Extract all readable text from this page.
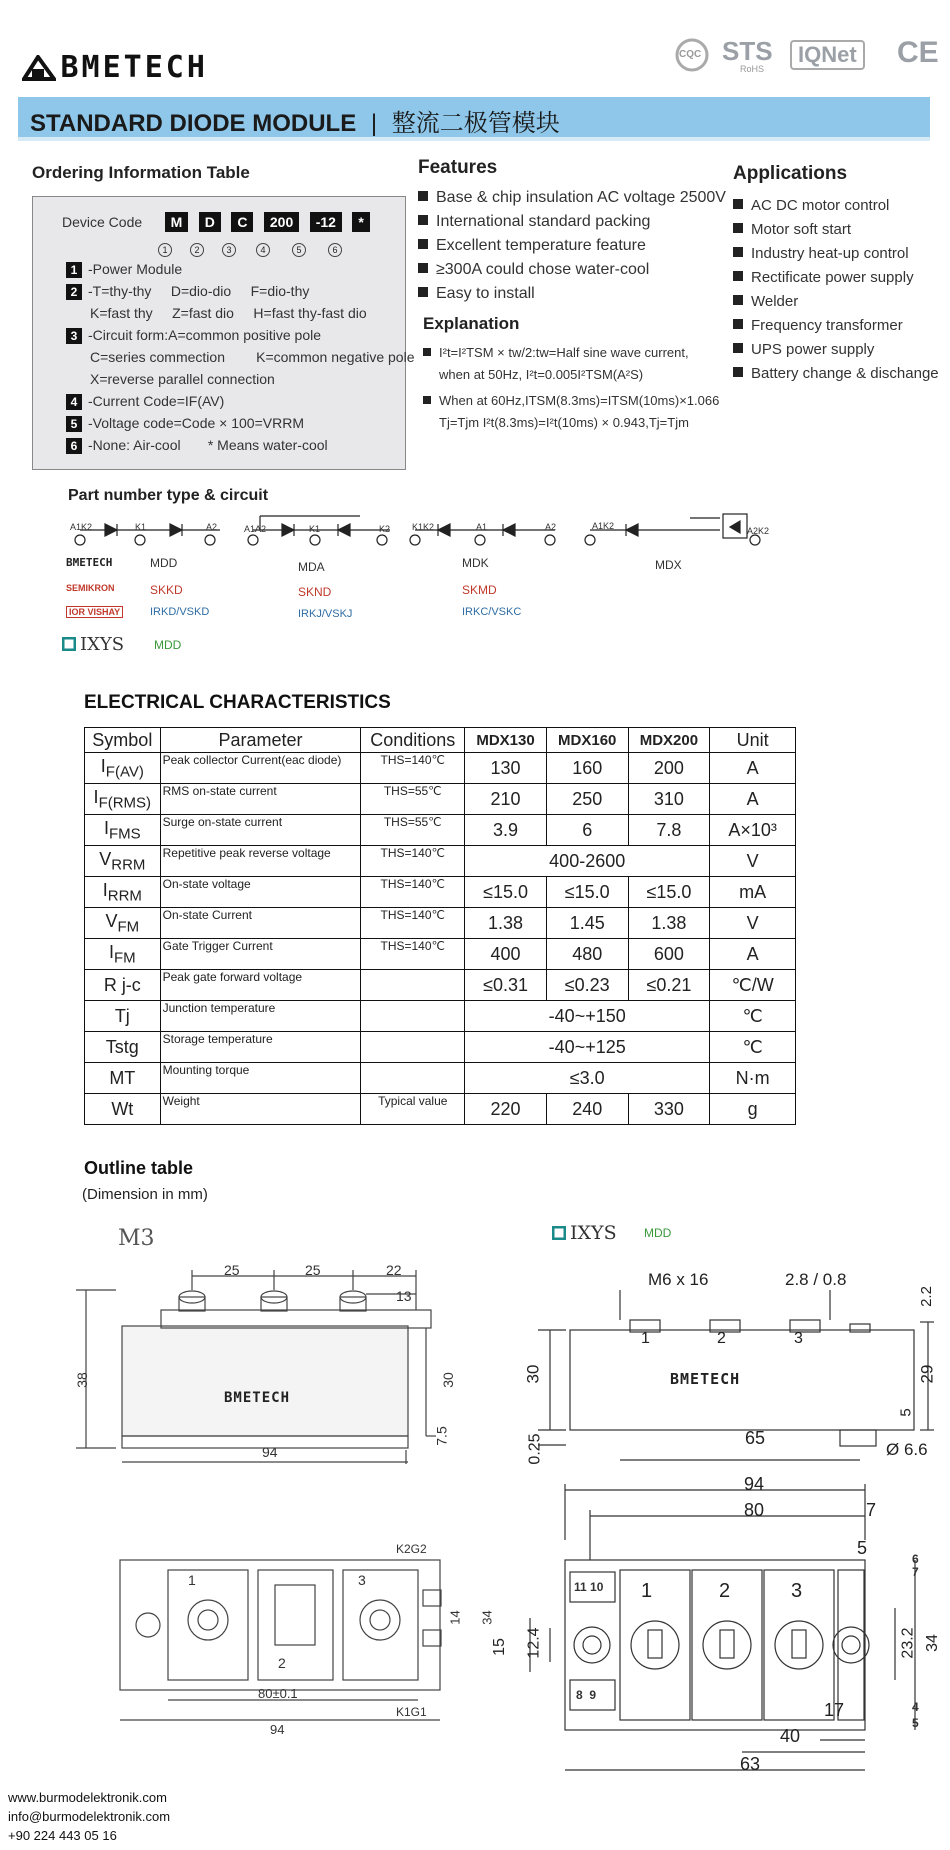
BMETECH	CQC STS
RoHS
IQNet CE
STANDARD DIODE MODULE | 整流二极管模块
Ordering Information Table
Device Code M D C 200 -12 *
1	2	3	4	5	6
1 -Power Module
2 -T=thy-thy     D=dio-dio     F=dio-thy
K=fast thy     Z=fast dio     H=fast thy-fast dio
3 -Circuit form:A=common positive pole
C=series commection        K=common negative pole
X=reverse parallel connection
4 -Current Code=IF(AV)
5 -Voltage code=Code × 100=VRRM
6 -None: Air-cool       * Means water-cool
Features
Base & chip insulation AC voltage 2500V
International standard packing
Excellent temperature feature
≥300A could chose water-cool
Easy to install
Explanation
I²t=I²TSM × tw/2:tw=Half sine wave current,
when at 50Hz, I²t=0.005I²TSM(A²S)
When at 60Hz,ITSM(8.3ms)=ITSM(10ms)×1.066
Tj=Tjm I²t(8.3ms)=I²t(10ms) × 0.943,Tj=Tjm
Applications
AC DC motor control
Motor soft start
Industry heat-up control
Rectificate power supply
Welder
Frequency transformer
UPS power supply
Battery change & dischange
Part number type & circuit
A1K2	K1	A2	A1A2	K1	K2 K1K2	A1	A2	A1K2	A2K2
BMETECH	MDD	MDA	MDK	MDX
SEMIKRON	SKKD	SKND	SKMD
IOR VISHAY	IRKD/VSKD	IRKJ/VSKJ	IRKC/VSKC
IXYS MDD
ELECTRICAL CHARACTERISTICS
Symbol	Parameter	Conditions	MDX130	MDX160	MDX200	Unit
$I_{F(AV)}$	Peak collector Current(eac diode)	THS=140℃	130	160	200	A
$I_{F(RMS)}$	RMS on-state current	THS=55℃	210	250	310	A
$I_{FMS}$	Surge on-state current	THS=55℃	3.9	6	7.8	A×10³
$V_{RRM}$	Repetitive peak reverse voltage	THS=140℃	400-2600			V
$I_{RRM}$	On-state voltage	THS=140℃	≤15.0	≤15.0	≤15.0	mA
$V_{FM}$	On-state Current	THS=140℃	1.38	1.45	1.38	V
$I_{FM}$	Gate Trigger Current	THS=140℃	400	480	600	A
R j-c	Peak gate forward voltage		≤0.31	≤0.23	≤0.21	℃/W
Tj	Junction temperature		-40~+150			℃
Tstg	Storage temperature		-40~+125			℃
MT	Mounting torque		≤3.0			N·m
Wt	Weight	Typical value	220	240	330	g
Outline table
(Dimension in mm)
M3
25	25	22
13
38	30
7.5
94
BMETECH
1
2
3
K2G2
K1G1
80±0.1
94
14 34
IXYS MDD
M6 x 16	2.8 / 0.8
2.2
30	29
5
0.25	65
Ø 6.6
BMETECH
1	2	3
94
80	7
5
6
7
15 12.4	23.2 34
17
40
63
4
5
1	2	3
11 10
8  9
www.burmodelektronik.com
info@burmodelektronik.com
+90 224 443 05 16
